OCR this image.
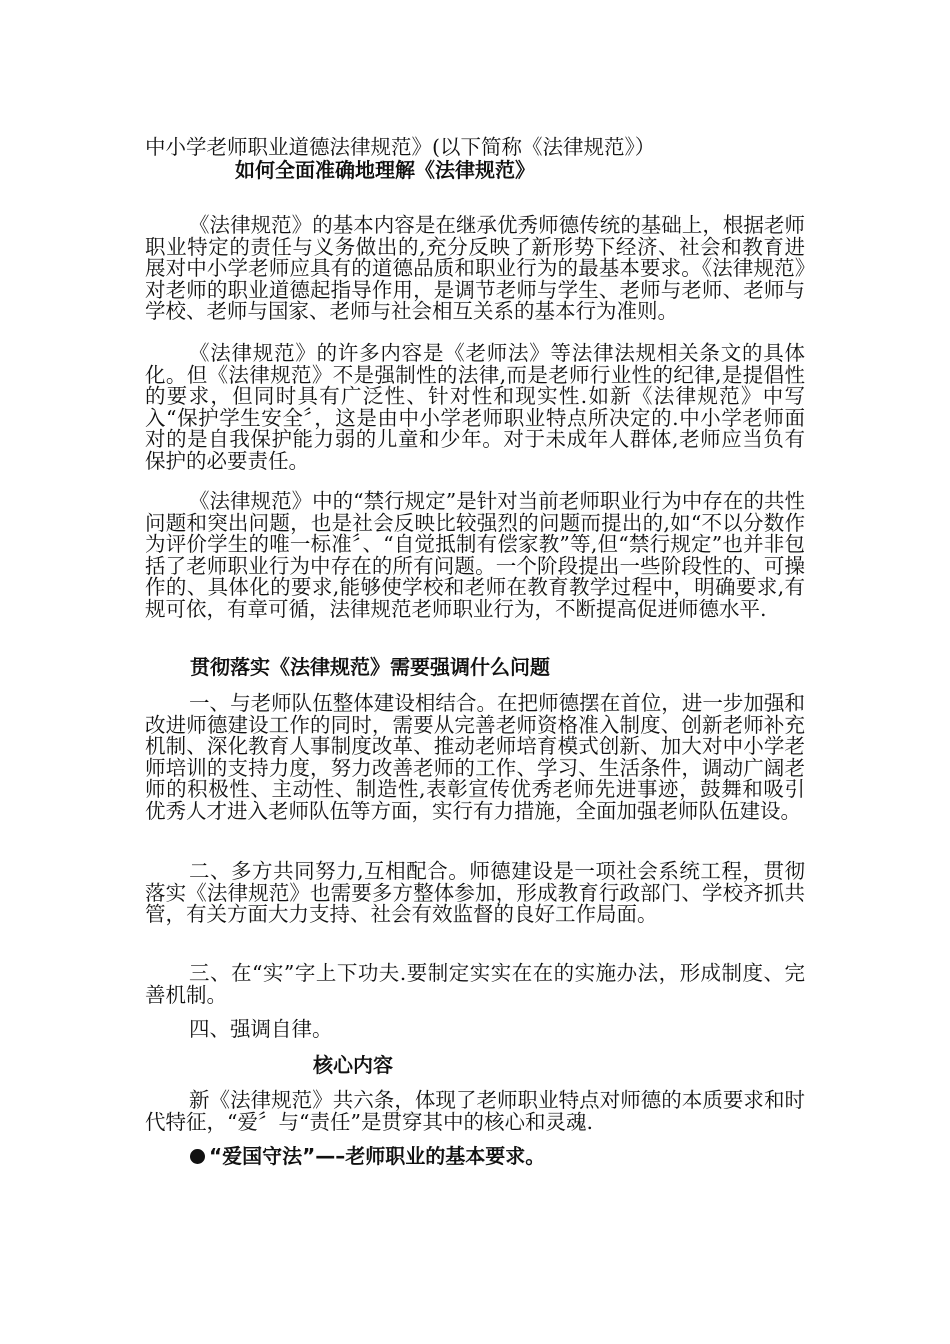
中小学老师职业道德法律规范》(以下简称《法律规范》）
如何全面准确地理解《法律规范》
《法律规范》的基本内容是在继承优秀师德传统的基础上，根据老师职业特定的责任与义务做出的,充分反映了新形势下经济、社会和教育进展对中小学老师应具有的道德品质和职业行为的最基本要求。《法律规范》对老师的职业道德起指导作用，是调节老师与学生、老师与老师、老师与学校、老师与国家、老师与社会相互关系的基本行为准则。
《法律规范》的许多内容是《老师法》等法律法规相关条文的具体化。但《法律规范》不是强制性的法律,而是老师行业性的纪律,是提倡性的要求，但同时具有广泛性、针对性和现实性.如新《法律规范》中写入“保护学生安全〞，这是由中小学老师职业特点所决定的.中小学老师面对的是自我保护能力弱的儿童和少年。对于未成年人群体,老师应当负有保护的必要责任。
《法律规范》中的“禁行规定”是针对当前老师职业行为中存在的共性问题和突出问题，也是社会反映比较强烈的问题而提出的,如“不以分数作为评价学生的唯一标准〞、“自觉抵制有偿家教”等,但“禁行规定”也并非包括了老师职业行为中存在的所有问题。一个阶段提出一些阶段性的、可操作的、具体化的要求,能够使学校和老师在教育教学过程中，明确要求,有规可依，有章可循，法律规范老师职业行为，不断提高促进师德水平.
贯彻落实《法律规范》需要强调什么问题
一、与老师队伍整体建设相结合。在把师德摆在首位，进一步加强和改进师德建设工作的同时，需要从完善老师资格准入制度、创新老师补充机制、深化教育人事制度改革、推动老师培育模式创新、加大对中小学老师培训的支持力度，努力改善老师的工作、学习、生活条件，调动广阔老师的积极性、主动性、制造性,表彰宣传优秀老师先进事迹，鼓舞和吸引优秀人才进入老师队伍等方面，实行有力措施，全面加强老师队伍建设。
二、多方共同努力,互相配合。师德建设是一项社会系统工程，贯彻落实《法律规范》也需要多方整体参加，形成教育行政部门、学校齐抓共管，有关方面大力支持、社会有效监督的良好工作局面。
三、在“实”字上下功夫.要制定实实在在的实施办法，形成制度、完善机制。
四、强调自律。
核心内容
新《法律规范》共六条，体现了老师职业特点对师德的本质要求和时代特征，“爱〞与“责任”是贯穿其中的核心和灵魂.
“爱国守法”—–老师职业的基本要求。
